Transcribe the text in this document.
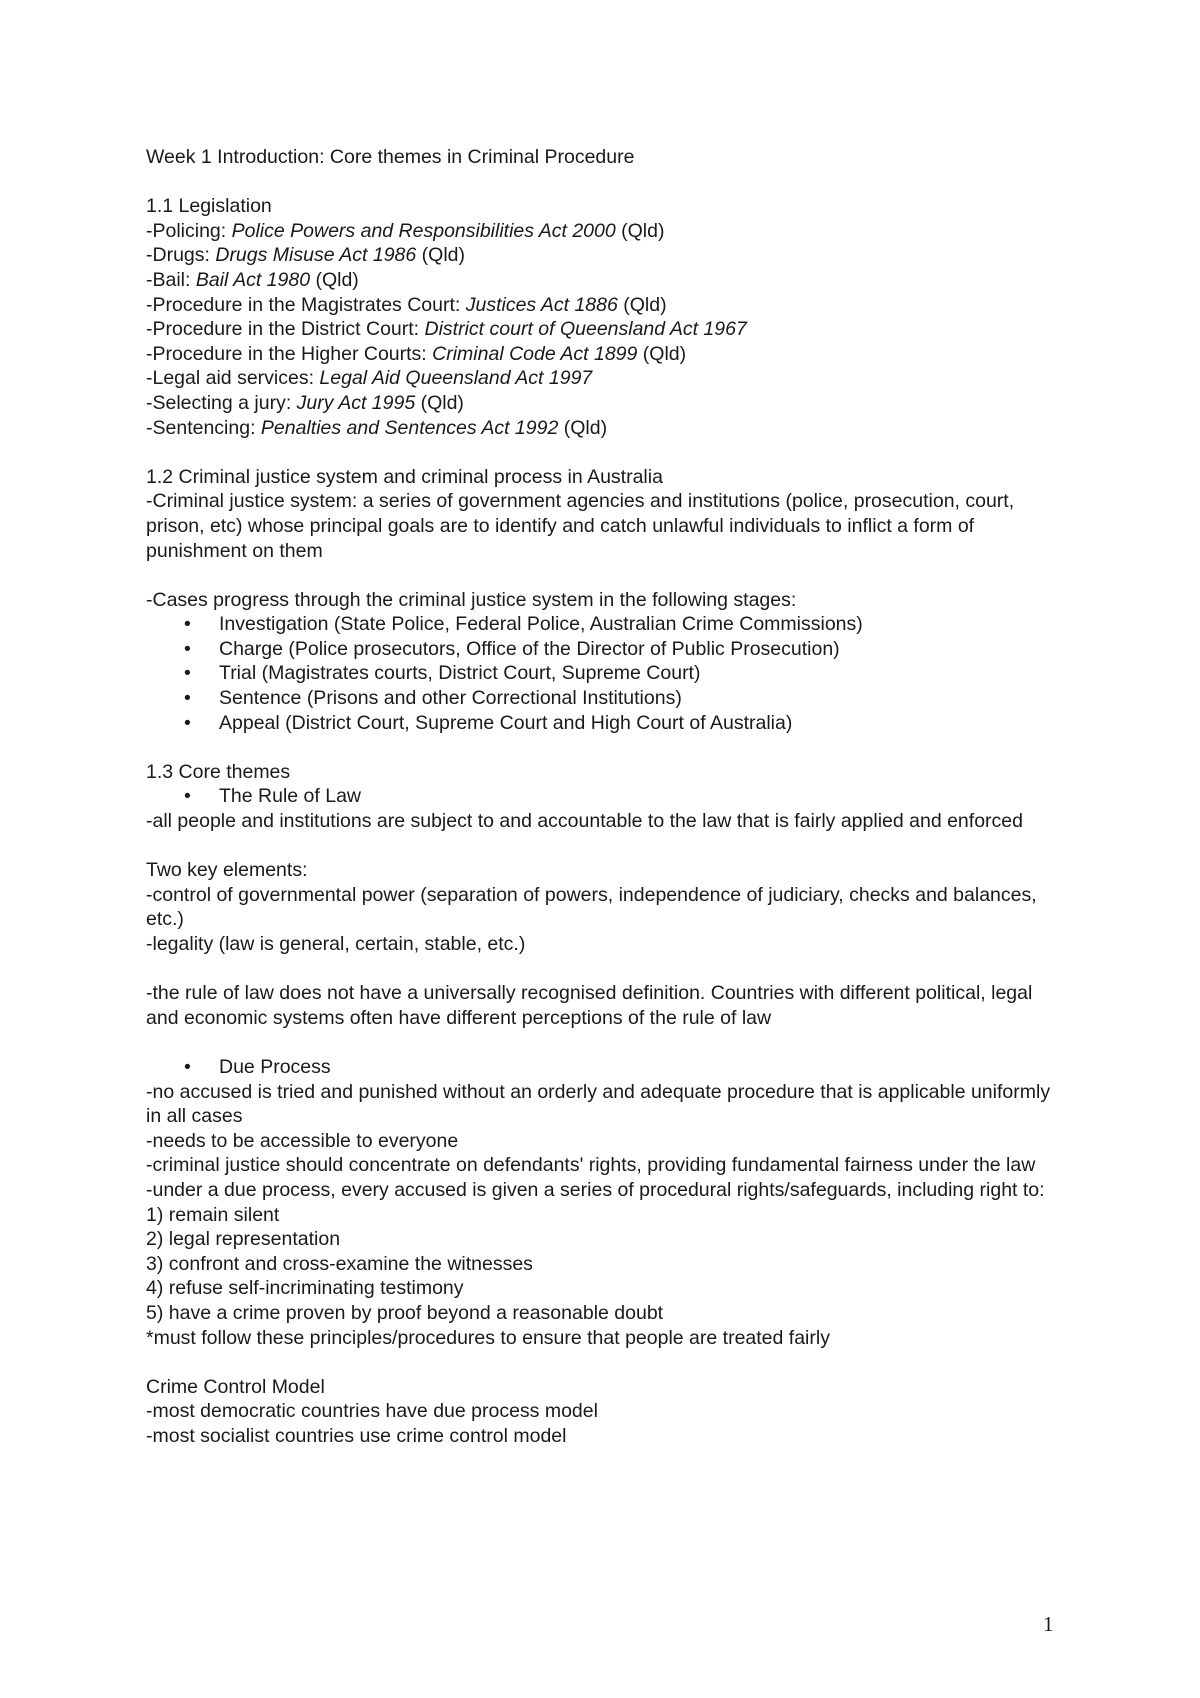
Week 1 Introduction: Core themes in Criminal Procedure
1.1 Legislation
-Policing: Police Powers and Responsibilities Act 2000 (Qld)
-Drugs: Drugs Misuse Act 1986 (Qld)
-Bail: Bail Act 1980 (Qld)
-Procedure in the Magistrates Court: Justices Act 1886 (Qld)
-Procedure in the District Court: District court of Queensland Act 1967
-Procedure in the Higher Courts: Criminal Code Act 1899 (Qld)
-Legal aid services: Legal Aid Queensland Act 1997
-Selecting a jury: Jury Act 1995 (Qld)
-Sentencing: Penalties and Sentences Act 1992 (Qld)
1.2 Criminal justice system and criminal process in Australia
-Criminal justice system: a series of government agencies and institutions (police, prosecution, court, prison, etc) whose principal goals are to identify and catch unlawful individuals to inflict a form of punishment on them
-Cases progress through the criminal justice system in the following stages:
• Investigation (State Police, Federal Police, Australian Crime Commissions)
• Charge (Police prosecutors, Office of the Director of Public Prosecution)
• Trial (Magistrates courts, District Court, Supreme Court)
• Sentence (Prisons and other Correctional Institutions)
• Appeal (District Court, Supreme Court and High Court of Australia)
1.3 Core themes
• The Rule of Law
-all people and institutions are subject to and accountable to the law that is fairly applied and enforced
Two key elements:
-control of governmental power (separation of powers, independence of judiciary, checks and balances, etc.)
-legality (law is general, certain, stable, etc.)
-the rule of law does not have a universally recognised definition. Countries with different political, legal and economic systems often have different perceptions of the rule of law
• Due Process
-no accused is tried and punished without an orderly and adequate procedure that is applicable uniformly in all cases
-needs to be accessible to everyone
-criminal justice should concentrate on defendants' rights, providing fundamental fairness under the law
-under a due process, every accused is given a series of procedural rights/safeguards, including right to:
1) remain silent
2) legal representation
3) confront and cross-examine the witnesses
4) refuse self-incriminating testimony
5) have a crime proven by proof beyond a reasonable doubt
*must follow these principles/procedures to ensure that people are treated fairly
Crime Control Model
-most democratic countries have due process model
-most socialist countries use crime control model
1
